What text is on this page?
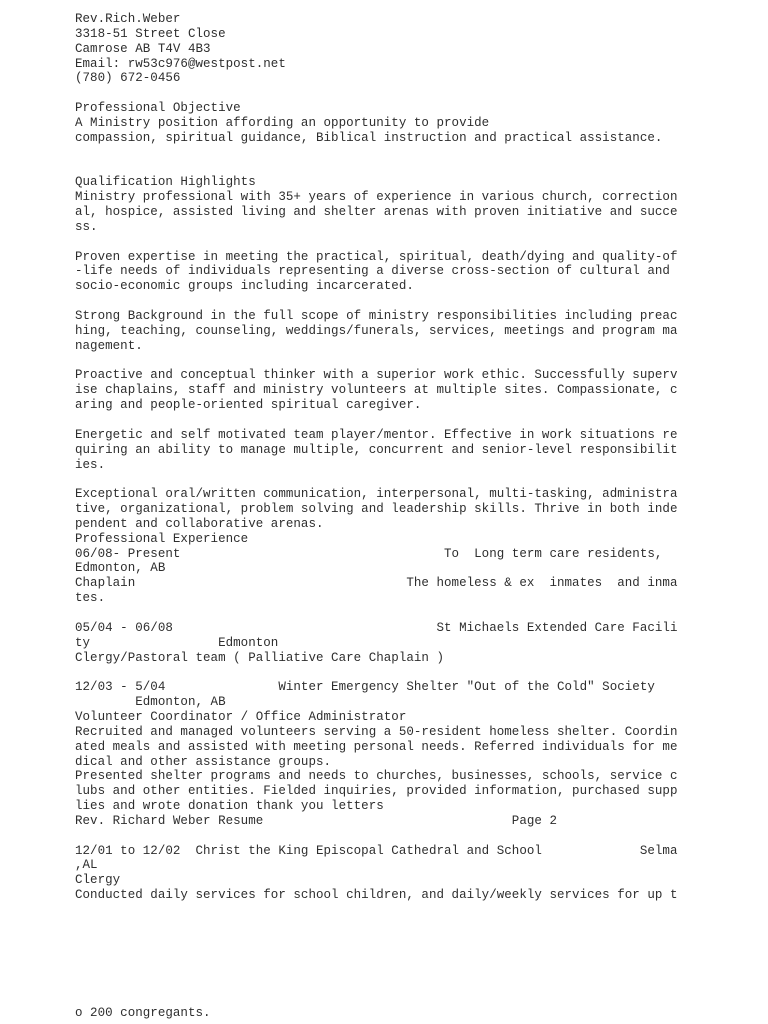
Rev.Rich.Weber
3318-51 Street Close
Camrose AB T4V 4B3
Email: rw53c976@westpost.net
(780) 672-0456
Professional Objective
A Ministry position affording an opportunity to provide
compassion, spiritual guidance, Biblical instruction and practical assistance.
Qualification Highlights
Ministry professional with 35+ years of experience in various church, correction
al, hospice, assisted living and shelter arenas with proven initiative and succe
ss.
Proven expertise in meeting the practical, spiritual, death/dying and quality-of
-life needs of individuals representing a diverse cross-section of cultural and
socio-economic groups including incarcerated.
Strong Background in the full scope of ministry responsibilities including preac
hing, teaching, counseling, weddings/funerals, services, meetings and program ma
nagement.
Proactive and conceptual thinker with a superior work ethic. Successfully superv
ise chaplains, staff and ministry volunteers at multiple sites. Compassionate, c
aring and people-oriented spiritual caregiver.
Energetic and self motivated team player/mentor. Effective in work situations re
quiring an ability to manage multiple, concurrent and senior-level responsibilit
ies.
Exceptional oral/written communication, interpersonal, multi-tasking, administra
tive, organizational, problem solving and leadership skills. Thrive in both inde
pendent and collaborative arenas.
Professional Experience
06/08- Present                                   To  Long term care residents,
Edmonton, AB
Chaplain                                    The homeless & ex  inmates  and inma
tes.
05/04 - 06/08                                   St Michaels Extended Care Facili
ty                 Edmonton
Clergy/Pastoral team ( Palliative Care Chaplain )
12/03 - 5/04               Winter Emergency Shelter "Out of the Cold" Society
Edmonton, AB
Volunteer Coordinator / Office Administrator
Recruited and managed volunteers serving a 50-resident homeless shelter. Coordin
ated meals and assisted with meeting personal needs. Referred individuals for me
dical and other assistance groups.
Presented shelter programs and needs to churches, businesses, schools, service c
lubs and other entities. Fielded inquiries, provided information, purchased supp
lies and wrote donation thank you letters
Rev. Richard Weber Resume                                 Page 2
12/01 to 12/02  Christ the King Episcopal Cathedral and School             Selma
,AL
Clergy
Conducted daily services for school children, and daily/weekly services for up t
o 200 congregants.
